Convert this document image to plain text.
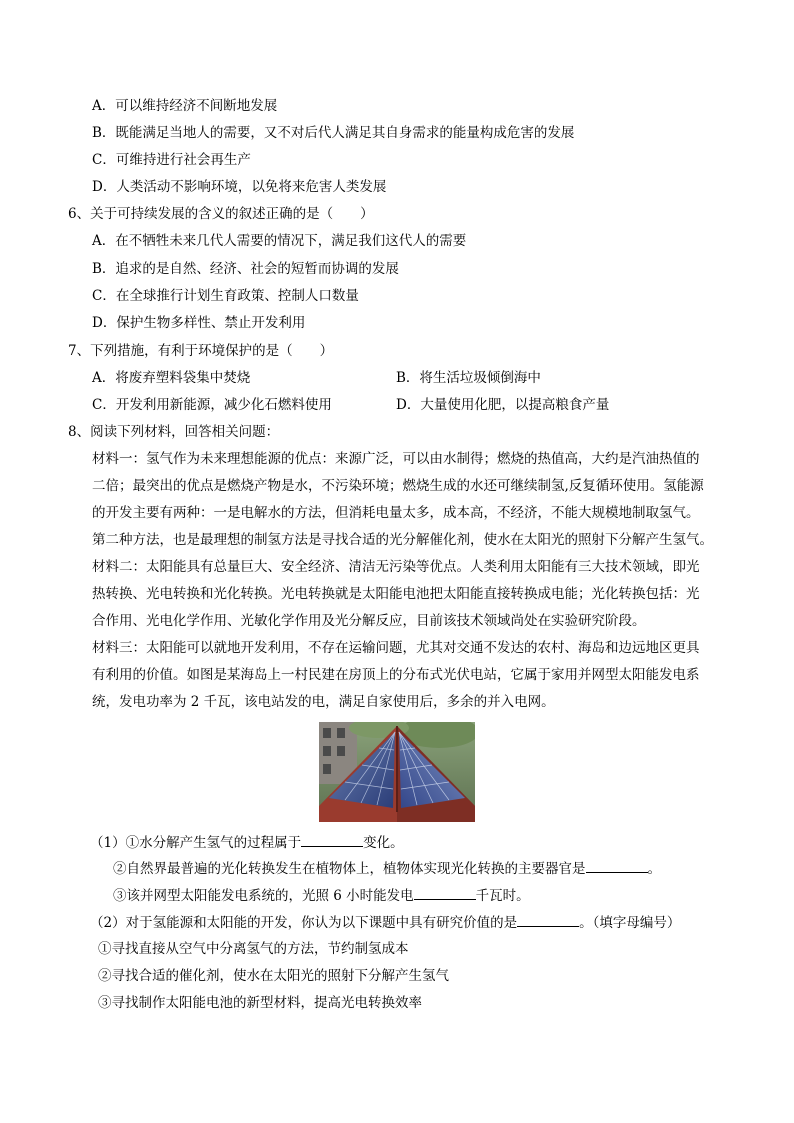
A．可以维持经济不间断地发展
B．既能满足当地人的需要，又不对后代人满足其自身需求的能量构成危害的发展
C．可维持进行社会再生产
D．人类活动不影响环境，以免将来危害人类发展
6、关于可持续发展的含义的叙述正确的是（　　）
A．在不牺牲未来几代人需要的情况下，满足我们这代人的需要
B．追求的是自然、经济、社会的短暂而协调的发展
C．在全球推行计划生育政策、控制人口数量
D．保护生物多样性、禁止开发利用
7、下列措施，有利于环境保护的是（　　）
A．将废弃塑料袋集中焚烧	B．将生活垃圾倾倒海中
C．开发利用新能源，减少化石燃料使用	D．大量使用化肥，以提高粮食产量
8、阅读下列材料，回答相关问题：
材料一：氢气作为未来理想能源的优点：来源广泛，可以由水制得；燃烧的热值高，大约是汽油热值的
二倍；最突出的优点是燃烧产物是水，不污染环境；燃烧生成的水还可继续制氢,反复循环使用。氢能源
的开发主要有两种：一是电解水的方法，但消耗电量太多，成本高，不经济，不能大规模地制取氢气。
第二种方法，也是最理想的制氢方法是寻找合适的光分解催化剂，使水在太阳光的照射下分解产生氢气。
材料二：太阳能具有总量巨大、安全经济、清洁无污染等优点。人类利用太阳能有三大技术领域，即光
热转换、光电转换和光化转换。光电转换就是太阳能电池把太阳能直接转换成电能；光化转换包括：光
合作用、光电化学作用、光敏化学作用及光分解反应，目前该技术领域尚处在实验研究阶段。
材料三：太阳能可以就地开发利用，不存在运输问题，尤其对交通不发达的农村、海岛和边远地区更具
有利用的价值。如图是某海岛上一村民建在房顶上的分布式光伏电站，它属于家用并网型太阳能发电系
统，发电功率为 2 千瓦，该电站发的电，满足自家使用后，多余的并入电网。
（1）①水分解产生氢气的过程属于	变化。
②自然界最普遍的光化转换发生在植物体上，植物体实现光化转换的主要器官是	。
③该并网型太阳能发电系统的，光照 6 小时能发电	千瓦时。
（2）对于氢能源和太阳能的开发，你认为以下课题中具有研究价值的是	。（填字母编号）
①寻找直接从空气中分离氢气的方法，节约制氢成本
②寻找合适的催化剂，使水在太阳光的照射下分解产生氢气
③寻找制作太阳能电池的新型材料，提高光电转换效率
